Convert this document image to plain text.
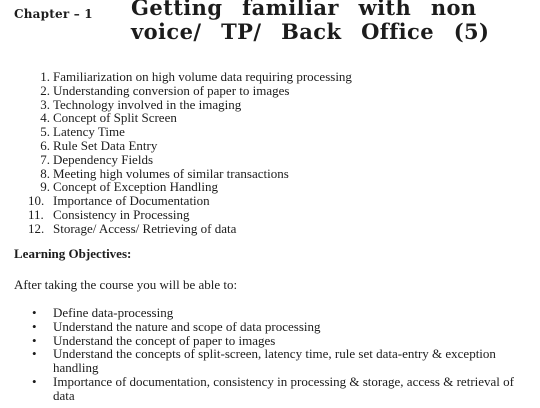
Chapter – 1 Getting familiar with non voice/ TP/ Back Office (5)
1. Familiarization on high volume data requiring processing
2. Understanding conversion of paper to images
3. Technology involved in the imaging
4. Concept of Split Screen
5. Latency Time
6. Rule Set Data Entry
7. Dependency Fields
8. Meeting high volumes of similar transactions
9. Concept of Exception Handling
10. Importance of Documentation
11. Consistency in Processing
12. Storage/ Access/ Retrieving of data
Learning Objectives:
After taking the course you will be able to:
• Define data-processing
• Understand the nature and scope of data processing
• Understand the concept of paper to images
• Understand the concepts of split-screen, latency time, rule set data-entry & exception handling
• Importance of documentation, consistency in processing & storage, access & retrieval of data
